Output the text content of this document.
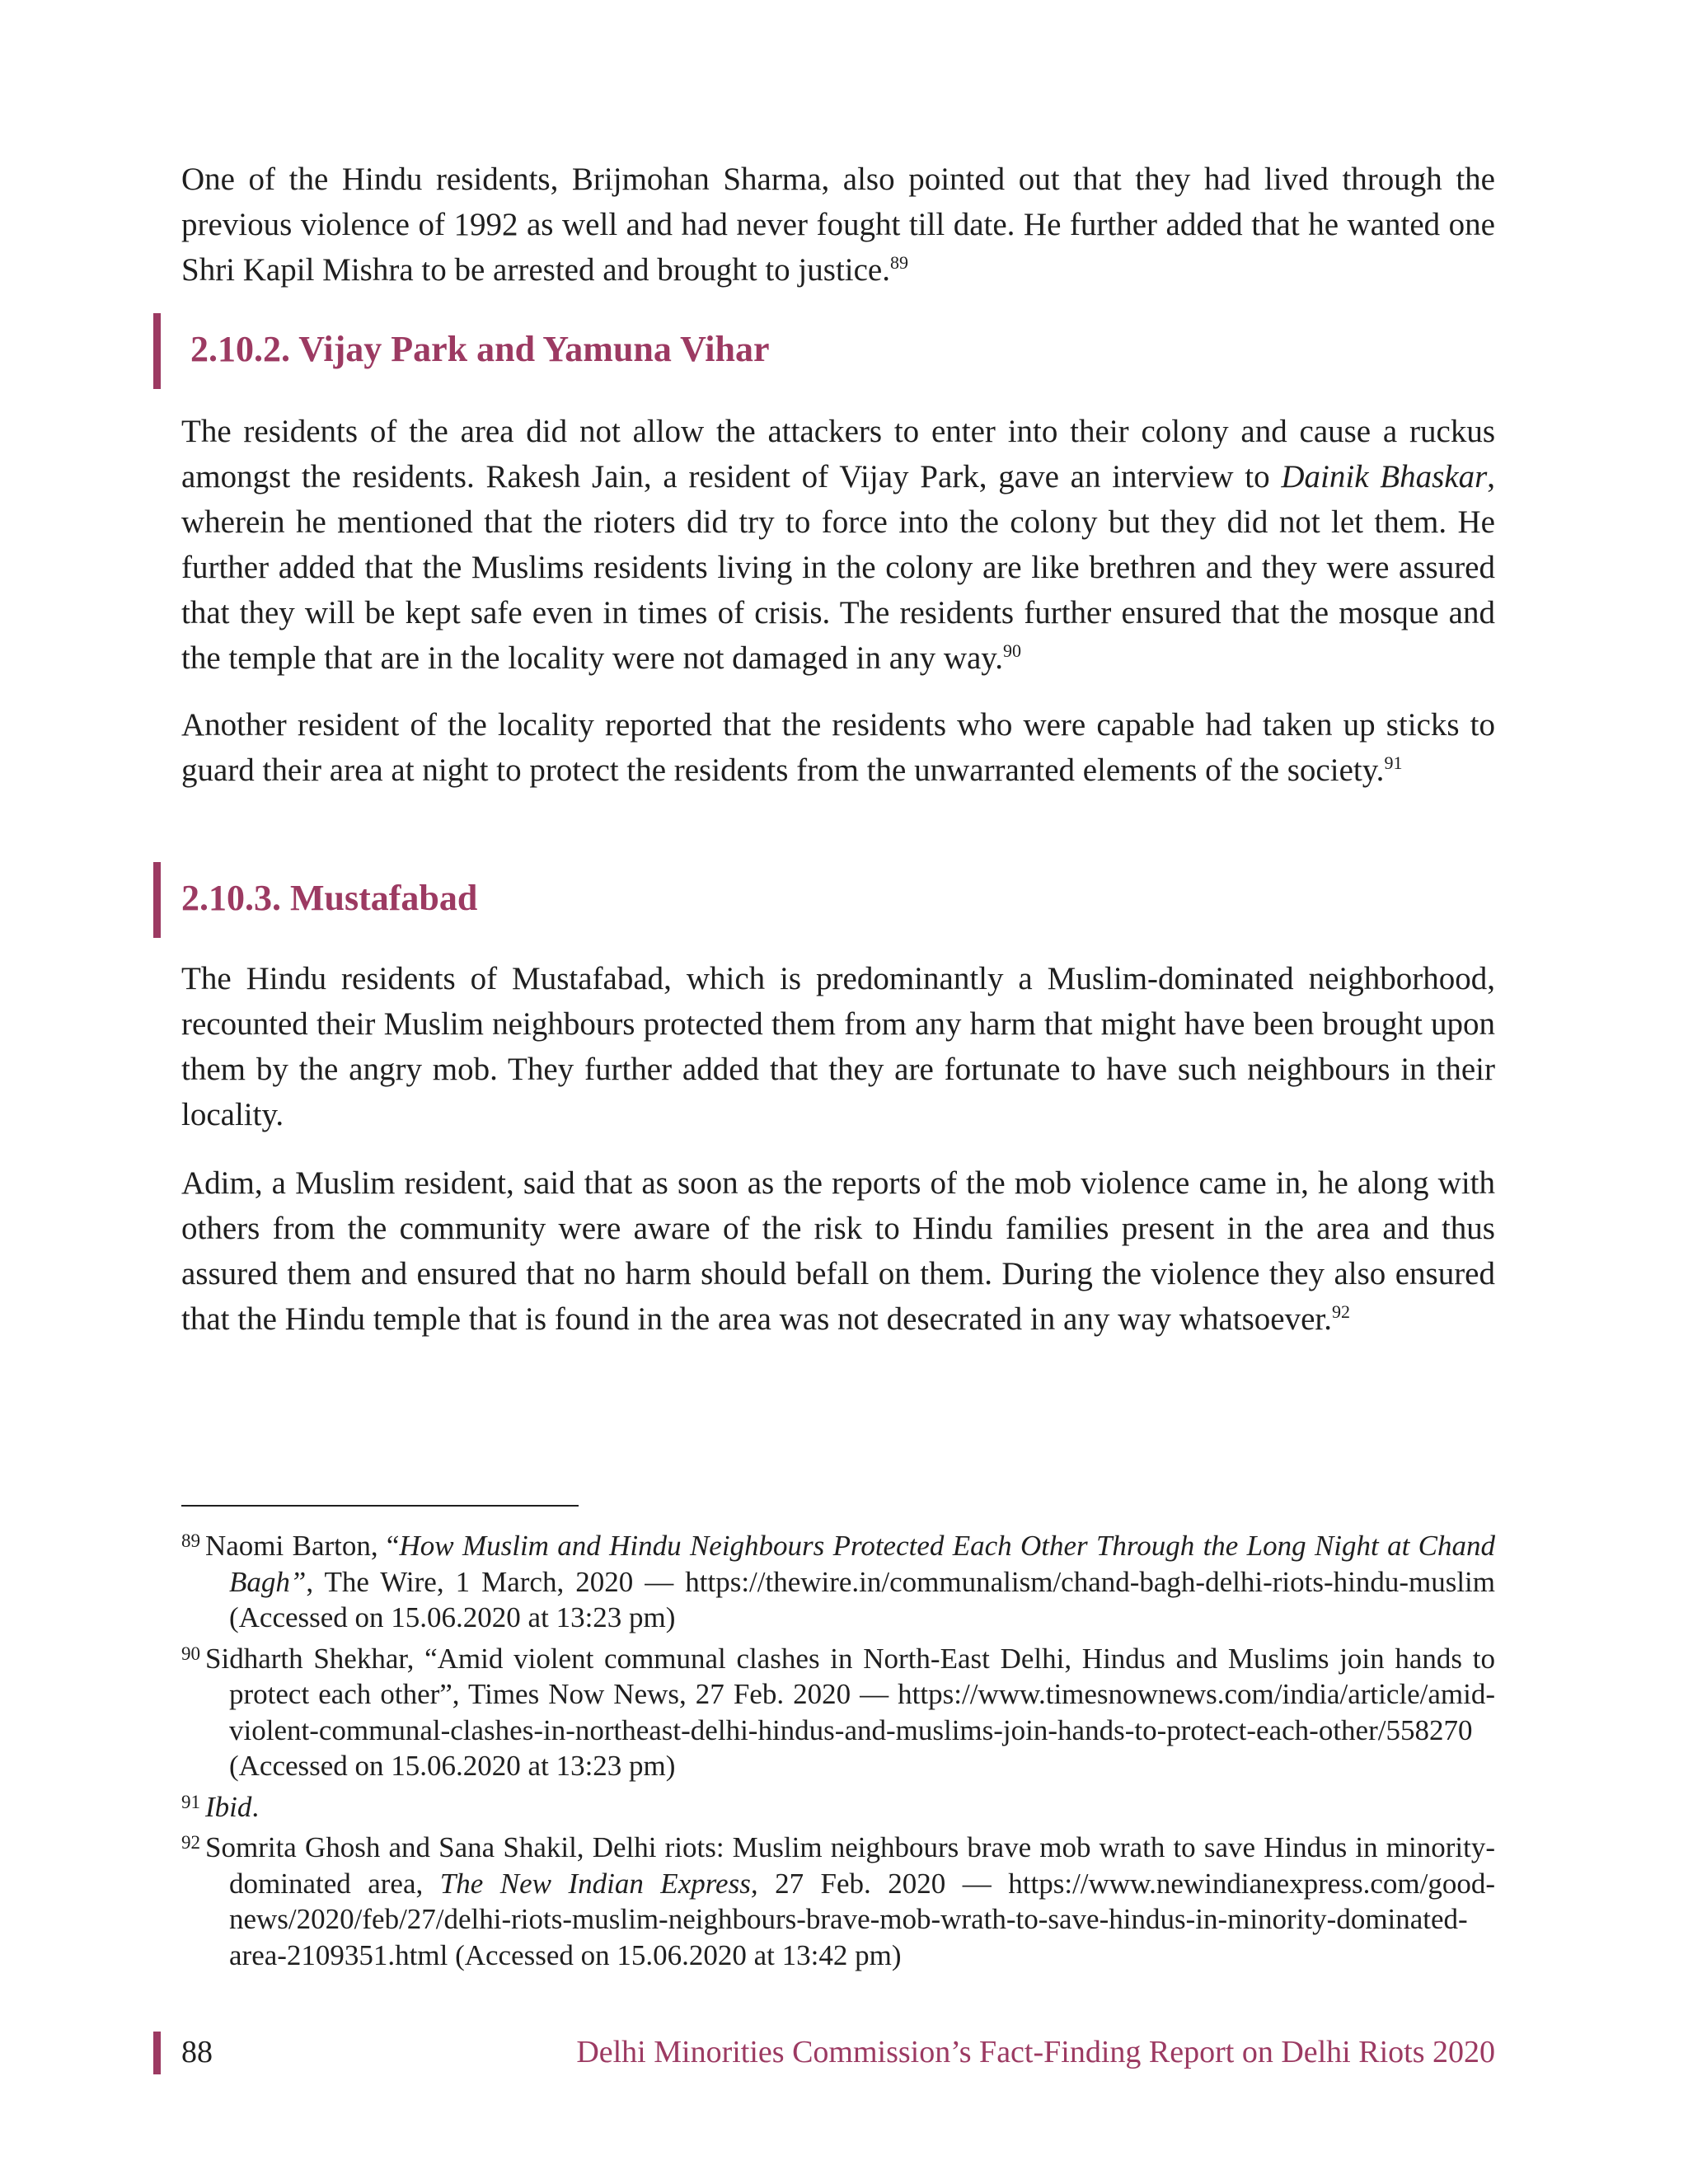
One of the Hindu residents, Brijmohan Sharma, also pointed out that they had lived through the previous violence of 1992 as well and had never fought till date. He further added that he wanted one Shri Kapil Mishra to be arrested and brought to justice.$^{89}$

2.10.2. Vijay Park and Yamuna Vihar

The residents of the area did not allow the attackers to enter into their colony and cause a ruckus amongst the residents. Rakesh Jain, a resident of Vijay Park, gave an interview to Dainik Bhaskar, wherein he mentioned that the rioters did try to force into the colony but they did not let them. He further added that the Muslims residents living in the colony are like brethren and they were assured that they will be kept safe even in times of crisis. The residents further ensured that the mosque and the temple that are in the locality were not damaged in any way.$^{90}$

Another resident of the locality reported that the residents who were capable had taken up sticks to guard their area at night to protect the residents from the unwarranted elements of the society.$^{91}$

2.10.3. Mustafabad

The Hindu residents of Mustafabad, which is predominantly a Muslim-dominated neighborhood, recounted their Muslim neighbours protected them from any harm that might have been brought upon them by the angry mob. They further added that they are fortunate to have such neighbours in their locality.

Adim, a Muslim resident, said that as soon as the reports of the mob violence came in, he along with others from the community were aware of the risk to Hindu families present in the area and thus assured them and ensured that no harm should befall on them. During the violence they also ensured that the Hindu temple that is found in the area was not desecrated in any way whatsoever.$^{92}$

$^{89}$ Naomi Barton, “How Muslim and Hindu Neighbours Protected Each Other Through the Long Night at Chand Bagh”, The Wire, 1 March, 2020 — https://thewire.in/communalism/chand-bagh-delhi-riots-hindu-muslim (Accessed on 15.06.2020 at 13:23 pm)

$^{90}$ Sidharth Shekhar, “Amid violent communal clashes in North-East Delhi, Hindus and Muslims join hands to protect each other”, Times Now News, 27 Feb. 2020 — https://www.timesnownews.com/india/article/amid-violent-communal-clashes-in-northeast-delhi-hindus-and-muslims-join-hands-to-protect-each-other/558270 (Accessed on 15.06.2020 at 13:23 pm)

$^{91}$ Ibid.

$^{92}$ Somrita Ghosh and Sana Shakil, Delhi riots: Muslim neighbours brave mob wrath to save Hindus in minority-dominated area, The New Indian Express, 27 Feb. 2020 — https://www.newindianexpress.com/good-news/2020/feb/27/delhi-riots-muslim-neighbours-brave-mob-wrath-to-save-hindus-in-minority-dominated-area-2109351.html (Accessed on 15.06.2020 at 13:42 pm)

88	Delhi Minorities Commission’s Fact-Finding Report on Delhi Riots 2020
